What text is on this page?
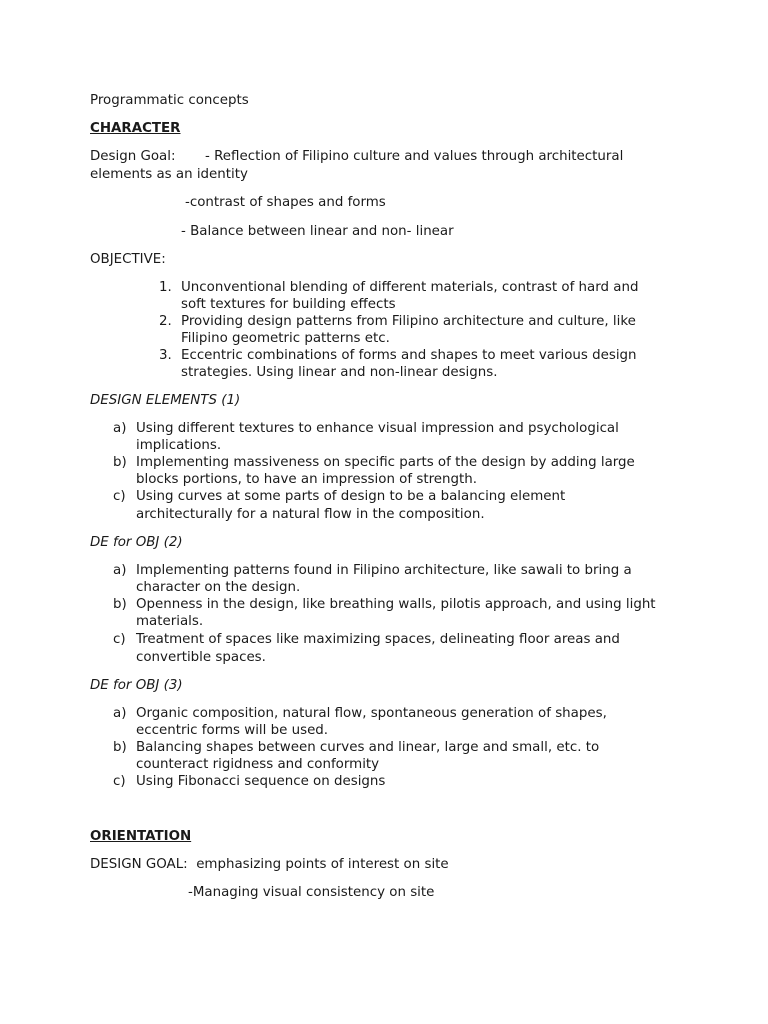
Programmatic concepts
CHARACTER
Design Goal: - Reflection of Filipino culture and values through architectural
elements as an identity
-contrast of shapes and forms
- Balance between linear and non- linear
OBJECTIVE:
1. Unconventional blending of different materials, contrast of hard and
soft textures for building effects
2. Providing design patterns from Filipino architecture and culture, like
Filipino geometric patterns etc.
3. Eccentric combinations of forms and shapes to meet various design
strategies. Using linear and non-linear designs.
DESIGN ELEMENTS (1)
a) Using different textures to enhance visual impression and psychological
implications.
b) Implementing massiveness on specific parts of the design by adding large
blocks portions, to have an impression of strength.
c) Using curves at some parts of design to be a balancing element
architecturally for a natural flow in the composition.
DE for OBJ (2)
a) Implementing patterns found in Filipino architecture, like sawali to bring a
character on the design.
b) Openness in the design, like breathing walls, pilotis approach, and using light
materials.
c) Treatment of spaces like maximizing spaces, delineating floor areas and
convertible spaces.
DE for OBJ (3)
a) Organic composition, natural flow, spontaneous generation of shapes,
eccentric forms will be used.
b) Balancing shapes between curves and linear, large and small, etc. to
counteract rigidness and conformity
c) Using Fibonacci sequence on designs
ORIENTATION
DESIGN GOAL:  emphasizing points of interest on site
-Managing visual consistency on site
